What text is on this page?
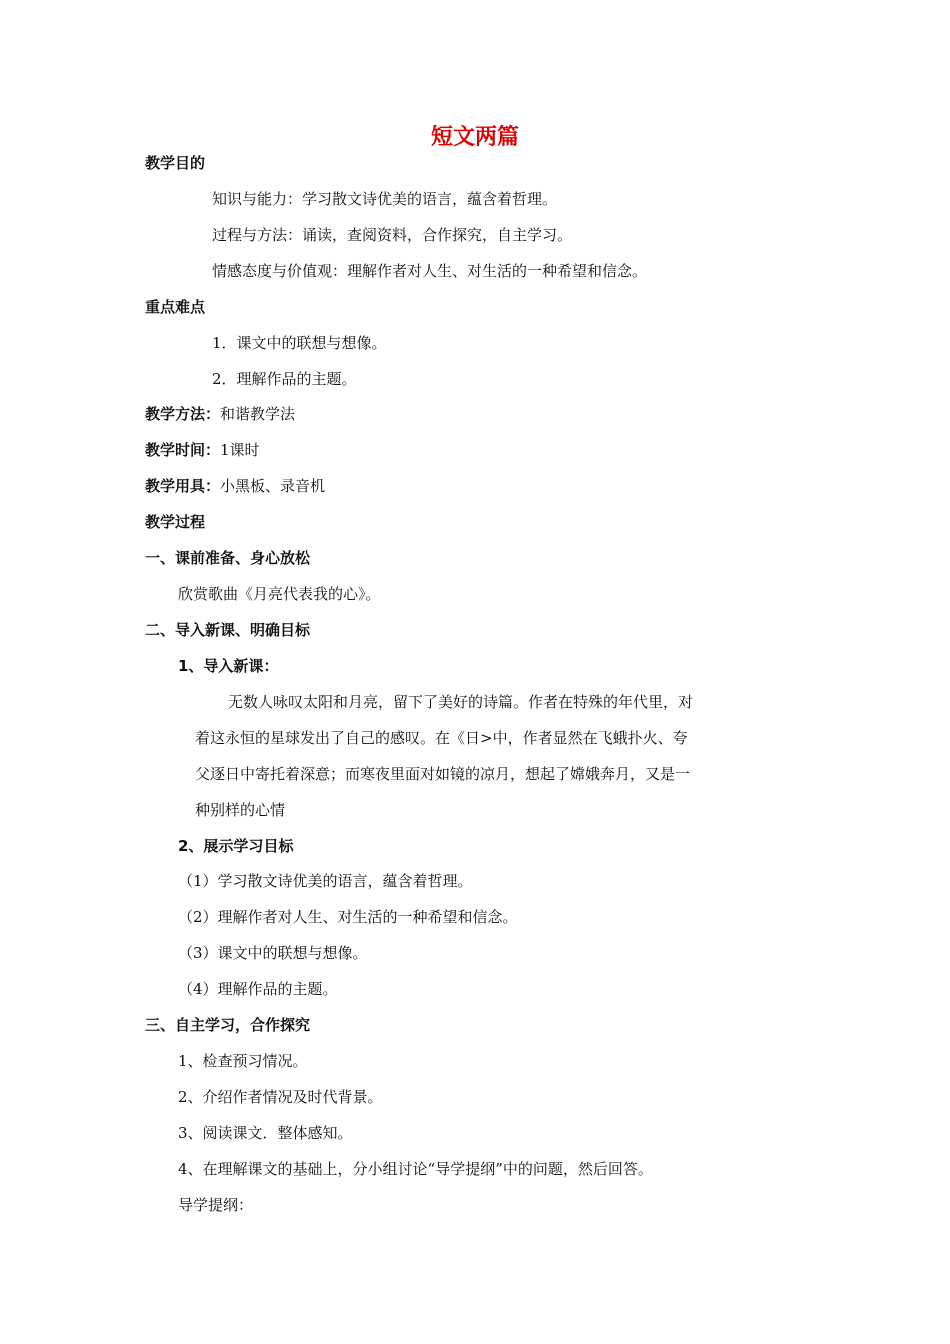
短文两篇
教学目的
知识与能力：学习散文诗优美的语言，蕴含着哲理。
过程与方法：诵读，查阅资料，合作探究，自主学习。
情感态度与价值观：理解作者对人生、对生活的一种希望和信念。
重点难点
1．课文中的联想与想像。
2．理解作品的主题。
教学方法：和谐教学法
教学时间：1课时
教学用具：小黑板、录音机
教学过程
一、课前准备、身心放松
欣赏歌曲《月亮代表我的心》。
二、导入新课、明确目标
1、导入新课：
无数人咏叹太阳和月亮，留下了美好的诗篇。作者在特殊的年代里，对
着这永恒的星球发出了自己的感叹。在《日>中，作者显然在飞蛾扑火、夸
父逐日中寄托着深意；而寒夜里面对如镜的凉月，想起了嫦娥奔月，又是一
种别样的心情
2、展示学习目标
（1）学习散文诗优美的语言，蕴含着哲理。
（2）理解作者对人生、对生活的一种希望和信念。
（3）课文中的联想与想像。
（4）理解作品的主题。
三、自主学习，合作探究
1、检查预习情况。
2、介绍作者情况及时代背景。
3、阅读课文．整体感知。
4、在理解课文的基础上，分小组讨论“导学提纲”中的问题，然后回答。
导学提纲：
